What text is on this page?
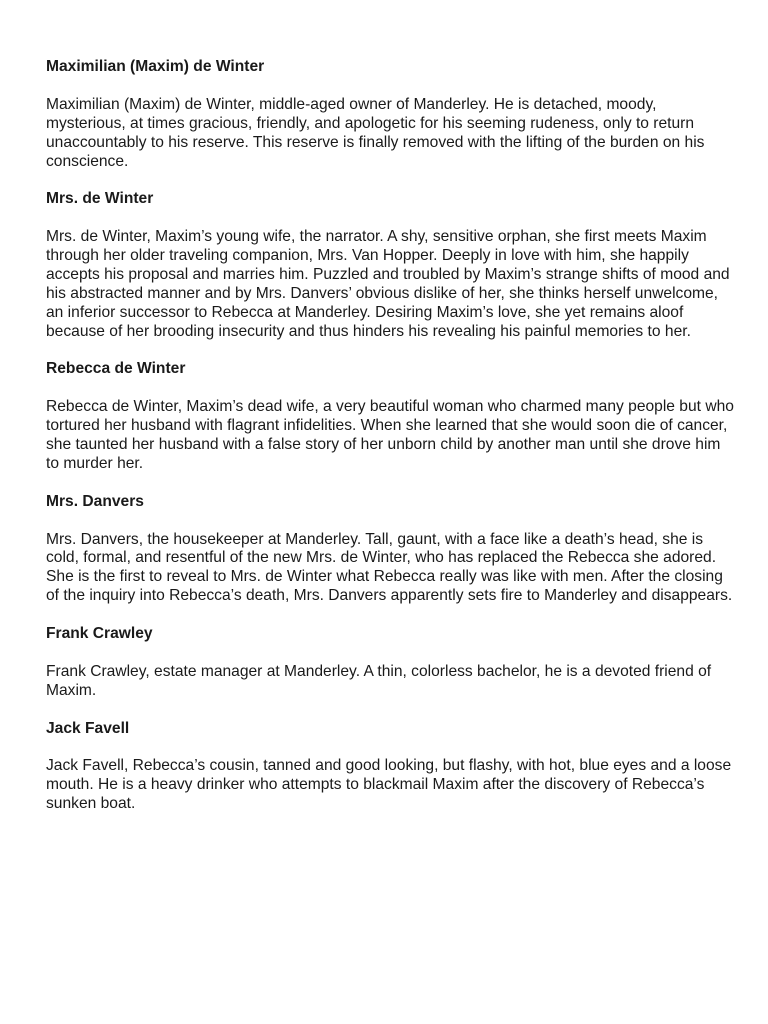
Maximilian (Maxim) de Winter

Maximilian (Maxim) de Winter, middle-aged owner of Manderley. He is detached, moody, mysterious, at times gracious, friendly, and apologetic for his seeming rudeness, only to return unaccountably to his reserve. This reserve is finally removed with the lifting of the burden on his conscience.

Mrs. de Winter

Mrs. de Winter, Maxim’s young wife, the narrator. A shy, sensitive orphan, she first meets Maxim through her older traveling companion, Mrs. Van Hopper. Deeply in love with him, she happily accepts his proposal and marries him. Puzzled and troubled by Maxim’s strange shifts of mood and his abstracted manner and by Mrs. Danvers’ obvious dislike of her, she thinks herself unwelcome, an inferior successor to Rebecca at Manderley. Desiring Maxim’s love, she yet remains aloof because of her brooding insecurity and thus hinders his revealing his painful memories to her.

Rebecca de Winter

Rebecca de Winter, Maxim’s dead wife, a very beautiful woman who charmed many people but who tortured her husband with flagrant infidelities. When she learned that she would soon die of cancer, she taunted her husband with a false story of her unborn child by another man until she drove him to murder her.

Mrs. Danvers

Mrs. Danvers, the housekeeper at Manderley. Tall, gaunt, with a face like a death’s head, she is cold, formal, and resentful of the new Mrs. de Winter, who has replaced the Rebecca she adored. She is the first to reveal to Mrs. de Winter what Rebecca really was like with men. After the closing of the inquiry into Rebecca’s death, Mrs. Danvers apparently sets fire to Manderley and disappears.

Frank Crawley

Frank Crawley, estate manager at Manderley. A thin, colorless bachelor, he is a devoted friend of Maxim.

Jack Favell

Jack Favell, Rebecca’s cousin, tanned and good looking, but flashy, with hot, blue eyes and a loose mouth. He is a heavy drinker who attempts to blackmail Maxim after the discovery of Rebecca’s sunken boat.
